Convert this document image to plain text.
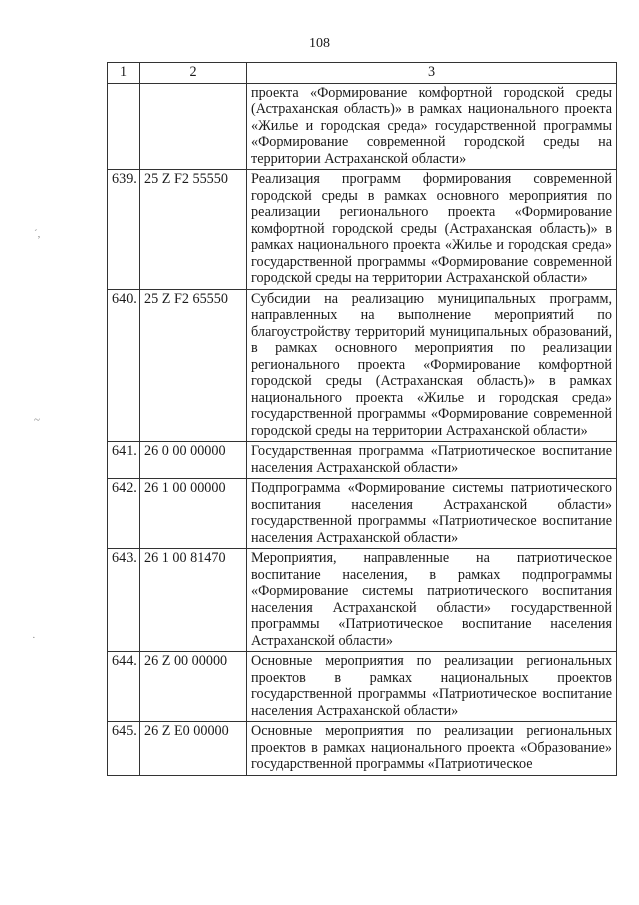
108
´,
~
·
1	2	3
		проекта «Формирование комфортной городской среды (Астраханская область)» в рамках национального проекта «Жилье и городская среда» государственной программы «Формирование современной городской среды на территории Астраханской области»
639.	25 Z F2 55550	Реализация программ формирования современной городской среды в рамках основного мероприятия по реализации регионального проекта «Формирование комфортной городской среды (Астраханская область)» в рамках национального проекта «Жилье и городская среда» государственной программы «Формирование современной городской среды на территории Астраханской области»
640.	25 Z F2 65550	Субсидии на реализацию муниципальных программ, направленных на выполнение мероприятий по благоустройству территорий муниципальных образований, в рамках основного мероприятия по реализации регионального проекта «Формирование комфортной городской среды (Астраханская область)» в рамках национального проекта «Жилье и городская среда» государственной программы «Формирование современной городской среды на территории Астраханской области»
641.	26 0 00 00000	Государственная программа «Патриотическое воспитание населения Астраханской области»
642.	26 1 00 00000	Подпрограмма «Формирование системы патриотического воспитания населения Астраханской области» государственной программы «Патриотическое воспитание населения Астраханской области»
643.	26 1 00 81470	Мероприятия, направленные на патриотическое воспитание населения, в рамках подпрограммы «Формирование системы патриотического воспитания населения Астраханской области» государственной программы «Патриотическое воспитание населения Астраханской области»
644.	26 Z 00 00000	Основные мероприятия по реализации региональных проектов в рамках национальных проектов государственной программы «Патриотическое воспитание населения Астраханской области»
645.	26 Z E0 00000	Основные мероприятия по реализации региональных проектов в рамках национального проекта «Образование» государственной программы «Патриотическое
